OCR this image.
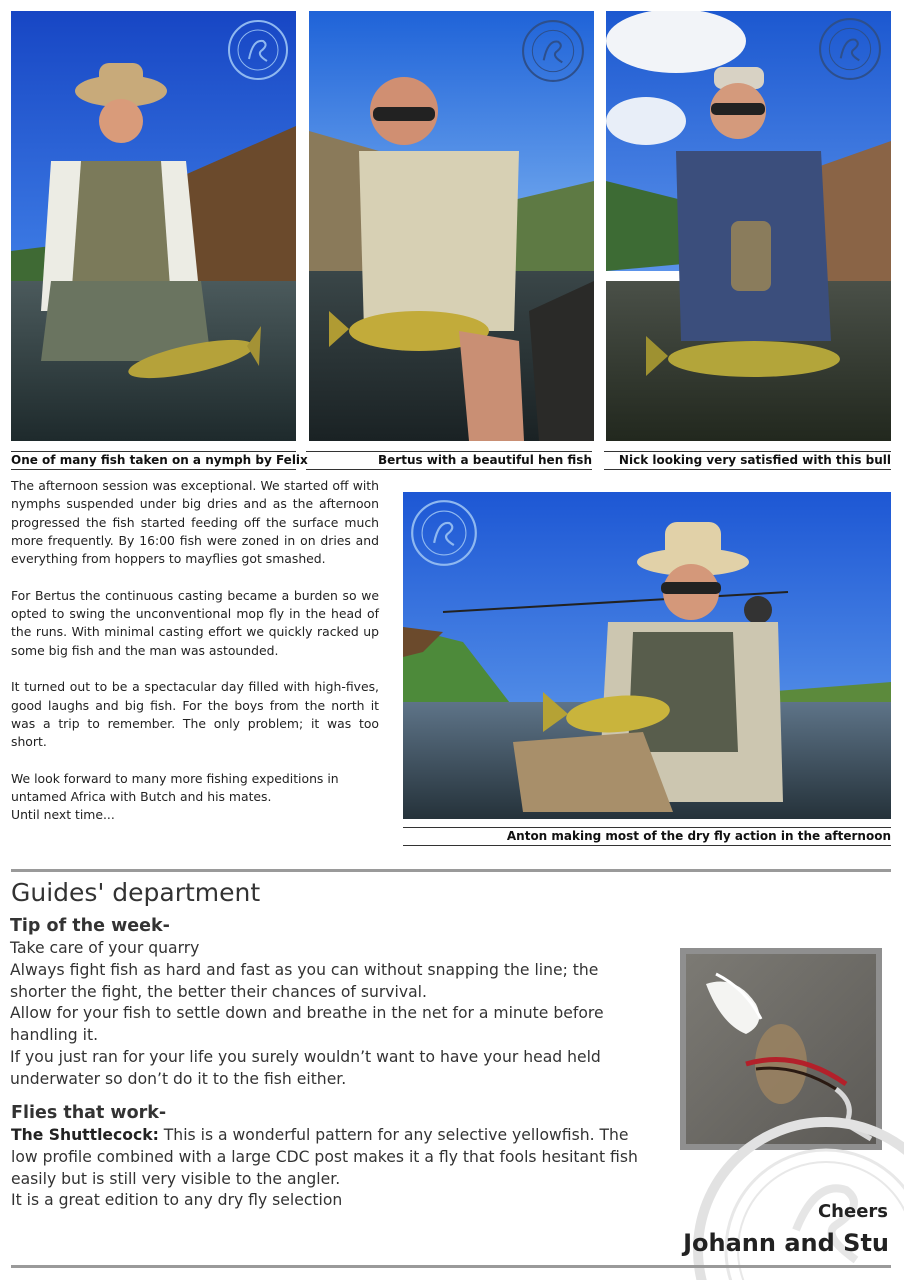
One of many fish taken on a nymph by Felix	Bertus with a beautiful hen fish	Nick looking very satisfied with this bull

The afternoon session was exceptional. We started off with nymphs suspended under big dries and as the afternoon progressed the fish started feeding off the surface much more frequently. By 16:00 fish were zoned in on dries and everything from hoppers to mayflies got smashed.

For Bertus the continuous casting became a burden so we opted to swing the unconventional mop fly in the head of the runs. With minimal casting effort we quickly racked up some big fish and the man was astounded.

It turned out to be a spectacular day filled with high-fives, good laughs and big fish. For the boys from the north it was a trip to remember. The only problem; it was too short.

We look forward to many more fishing expeditions in untamed Africa with Butch and his mates.
Until next time...

Anton making most of the dry fly action in the afternoon
Guides' department
Tip of the week-
Take care of your quarry
Always fight fish as hard and fast as you can without snapping the line; the shorter the fight, the better their chances of survival.
Allow for your fish to settle down and breathe in the net for a minute before handling it.
If you just ran for your life you surely wouldn’t want to have your head held underwater so don’t do it to the fish either.
Flies that work-
The Shuttlecock: This is a wonderful pattern for any selective yellowfish. The low profile combined with a large CDC post makes it a fly that fools hesitant fish easily but is still very visible to the angler.
It is a great edition to any dry fly selection
Cheers
Johann and Stu
